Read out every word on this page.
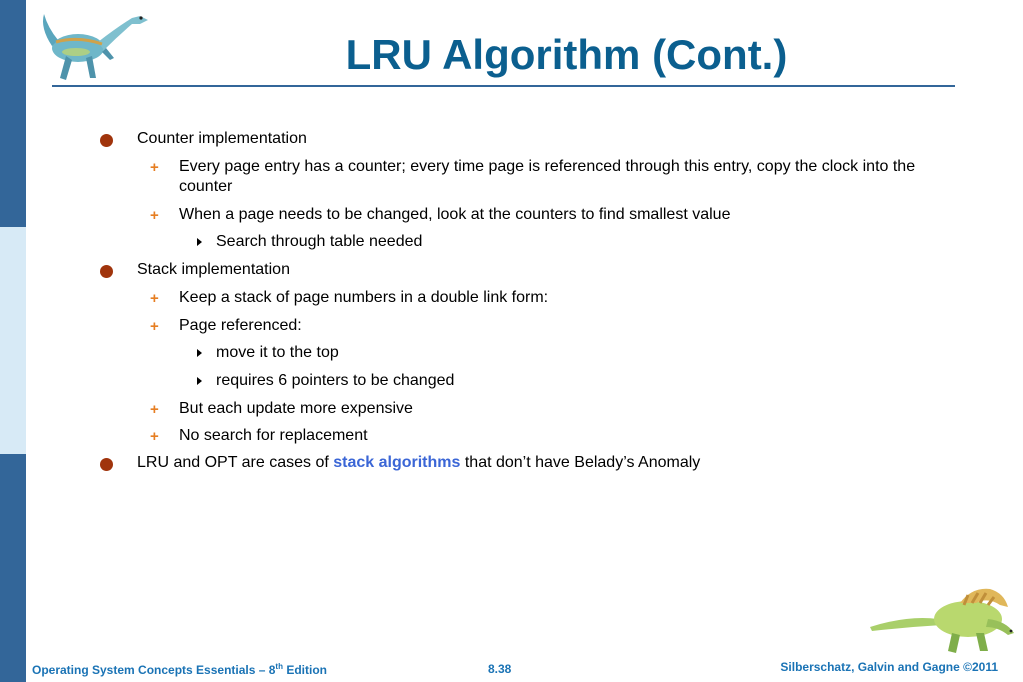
LRU Algorithm (Cont.)
Counter implementation
+ Every page entry has a counter; every time page is referenced through this entry, copy the clock into the counter
+ When a page needs to be changed, look at the counters to find smallest value
Search through table needed
Stack implementation
+ Keep a stack of page numbers in a double link form:
+ Page referenced:
move it to the top
requires 6 pointers to be changed
+ But each update more expensive
+ No search for replacement
LRU and OPT are cases of stack algorithms that don’t have Belady’s Anomaly
Operating System Concepts Essentials – 8th Edition	8.38	Silberschatz, Galvin and Gagne ©2011
